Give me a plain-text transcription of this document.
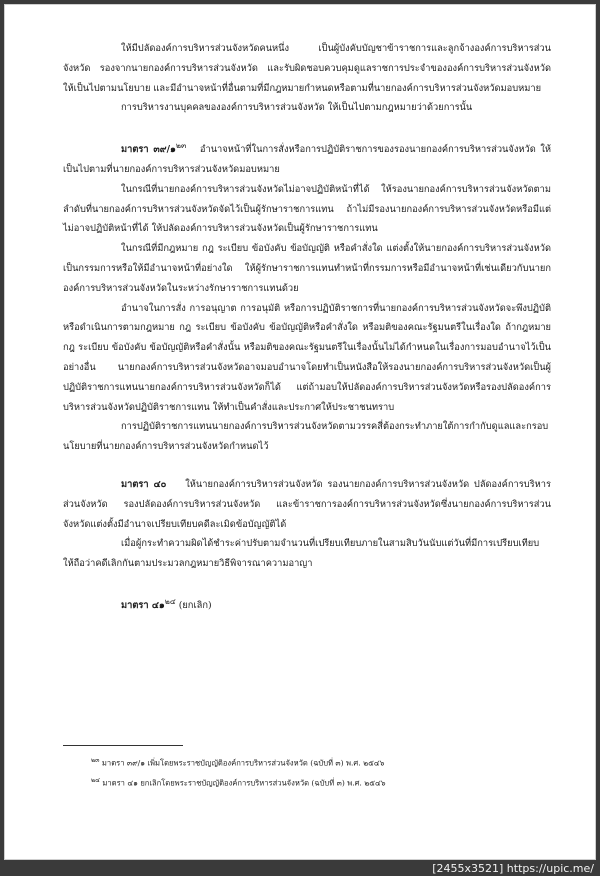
ให้มีปลัดองค์การบริหารส่วนจังหวัดคนหนึ่ง เป็นผู้บังคับบัญชาข้าราชการและลูกจ้างองค์การบริหารส่วนจังหวัด รองจากนายกองค์การบริหารส่วนจังหวัด และรับผิดชอบควบคุมดูแลราชการประจำขององค์การบริหารส่วนจังหวัด ให้เป็นไปตามนโยบาย และมีอำนาจหน้าที่อื่นตามที่มีกฎหมายกำหนดหรือตามที่นายกองค์การบริหารส่วนจังหวัดมอบหมาย

การบริหารงานบุคคลขององค์การบริหารส่วนจังหวัด ให้เป็นไปตามกฎหมายว่าด้วยการนั้น

มาตรา ๓๙/๑$^{๒๓}$ อำนาจหน้าที่ในการสั่งหรือการปฏิบัติราชการของรองนายกองค์การบริหารส่วนจังหวัด ให้เป็นไปตามที่นายกองค์การบริหารส่วนจังหวัดมอบหมาย

ในกรณีที่นายกองค์การบริหารส่วนจังหวัดไม่อาจปฏิบัติหน้าที่ได้ ให้รองนายกองค์การบริหารส่วนจังหวัดตามลำดับที่นายกองค์การบริหารส่วนจังหวัดจัดไว้เป็นผู้รักษาราชการแทน ถ้าไม่มีรองนายกองค์การบริหารส่วนจังหวัดหรือมีแต่ไม่อาจปฏิบัติหน้าที่ได้ ให้ปลัดองค์การบริหารส่วนจังหวัดเป็นผู้รักษาราชการแทน

ในกรณีที่มีกฎหมาย กฎ ระเบียบ ข้อบังคับ ข้อบัญญัติ หรือคำสั่งใด แต่งตั้งให้นายกองค์การบริหารส่วนจังหวัดเป็นกรรมการหรือให้มีอำนาจหน้าที่อย่างใด ให้ผู้รักษาราชการแทนทำหน้าที่กรรมการหรือมีอำนาจหน้าที่เช่นเดียวกับนายกองค์การบริหารส่วนจังหวัดในระหว่างรักษาราชการแทนด้วย

อำนาจในการสั่ง การอนุญาต การอนุมัติ หรือการปฏิบัติราชการที่นายกองค์การบริหารส่วนจังหวัดจะพึงปฏิบัติหรือดำเนินการตามกฎหมาย กฎ ระเบียบ ข้อบังคับ ข้อบัญญัติหรือคำสั่งใด หรือมติของคณะรัฐมนตรีในเรื่องใด ถ้ากฎหมาย กฎ ระเบียบ ข้อบังคับ ข้อบัญญัติหรือคำสั่งนั้น หรือมติของคณะรัฐมนตรีในเรื่องนั้นไม่ได้กำหนดในเรื่องการมอบอำนาจไว้เป็นอย่างอื่น นายกองค์การบริหารส่วนจังหวัดอาจมอบอำนาจโดยทำเป็นหนังสือให้รองนายกองค์การบริหารส่วนจังหวัดเป็นผู้ปฏิบัติราชการแทนนายกองค์การบริหารส่วนจังหวัดก็ได้ แต่ถ้ามอบให้ปลัดองค์การบริหารส่วนจังหวัดหรือรองปลัดองค์การบริหารส่วนจังหวัดปฏิบัติราชการแทน ให้ทำเป็นคำสั่งและประกาศให้ประชาชนทราบ

การปฏิบัติราชการแทนนายกองค์การบริหารส่วนจังหวัดตามวรรคสี่ต้องกระทำภายใต้การกำกับดูแลและกรอบนโยบายที่นายกองค์การบริหารส่วนจังหวัดกำหนดไว้

มาตรา ๔๐ ให้นายกองค์การบริหารส่วนจังหวัด รองนายกองค์การบริหารส่วนจังหวัด ปลัดองค์การบริหารส่วนจังหวัด รองปลัดองค์การบริหารส่วนจังหวัด และข้าราชการองค์การบริหารส่วนจังหวัดซึ่งนายกองค์การบริหารส่วนจังหวัดแต่งตั้งมีอำนาจเปรียบเทียบคดีละเมิดข้อบัญญัติได้

เมื่อผู้กระทำความผิดได้ชำระค่าปรับตามจำนวนที่เปรียบเทียบภายในสามสิบวันนับแต่วันที่มีการเปรียบเทียบ ให้ถือว่าคดีเลิกกันตามประมวลกฎหมายวิธีพิจารณาความอาญา

มาตรา ๔๑$^{๒๔}$ (ยกเลิก)

$^{๒๓}$ มาตรา ๓๙/๑ เพิ่มโดยพระราชบัญญัติองค์การบริหารส่วนจังหวัด (ฉบับที่ ๓) พ.ศ. ๒๕๔๖

$^{๒๔}$ มาตรา ๔๑ ยกเลิกโดยพระราชบัญญัติองค์การบริหารส่วนจังหวัด (ฉบับที่ ๓) พ.ศ. ๒๕๔๖

[2455x3521] https://upic.me/
